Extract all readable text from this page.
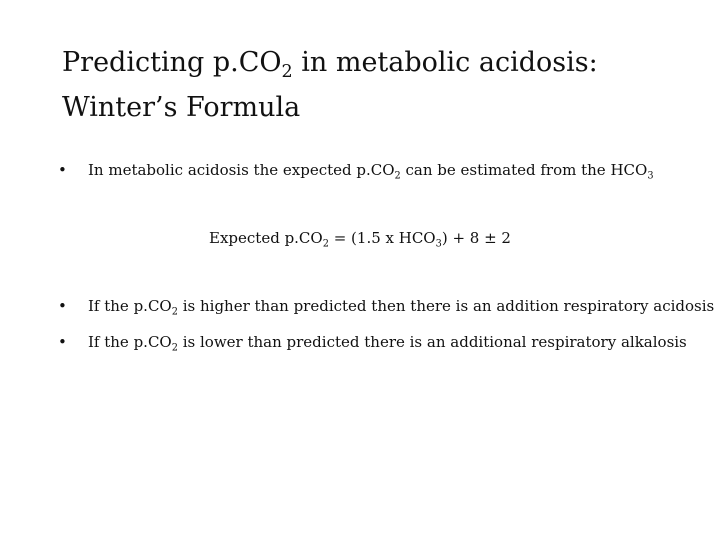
Predicting $p.CO_2$ in metabolic acidosis: Winter’s Formula
• In metabolic acidosis the expected $p.CO_2$ can be estimated from the $HCO_3$
Expected $p.CO_2 = (1.5$ x $HCO_3) + 8 \pm 2$
• If the $p.CO_2$ is higher than predicted then there is an addition respiratory acidosis
• If the $p.CO_2$ is lower than predicted there is an additional respiratory alkalosis
